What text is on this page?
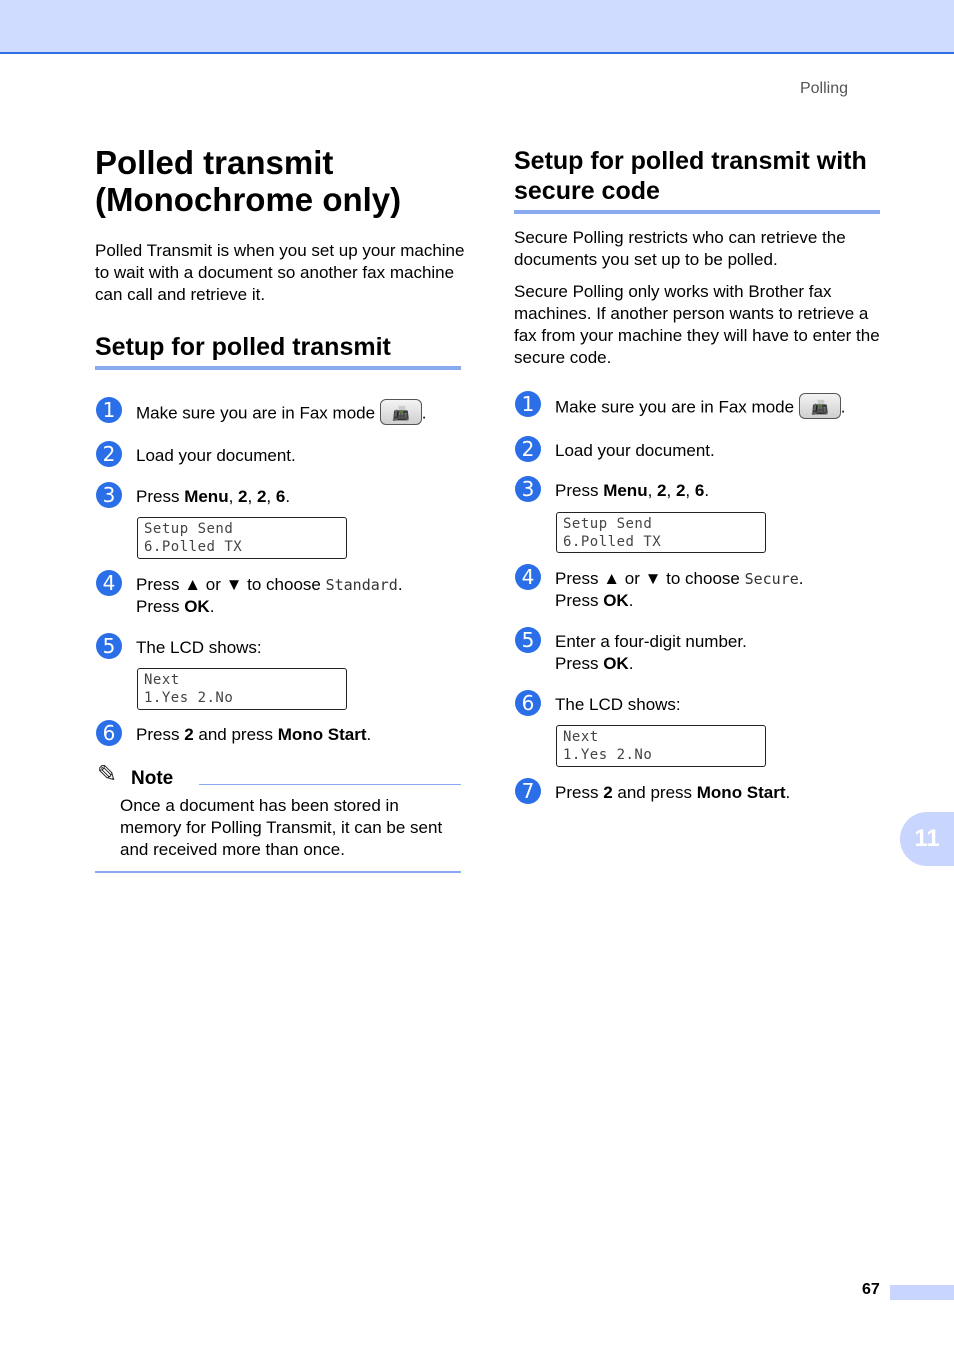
Polling
Polled transmit (Monochrome only)

Polled Transmit is when you set up your machine to wait with a document so another fax machine can call and retrieve it.

Setup for polled transmit
1	Make sure you are in Fax mode	📠 .
2	Load your document.
3	Press Menu, 2, 2, 6.
Setup Send
6.Polled TX
4	Press ▲ or ▼ to choose Standard.
Press OK.
5	The LCD shows:
Next
1.Yes 2.No
6	Press 2 and press Mono Start.
✎ Note
Once a document has been stored in memory for Polling Transmit, it can be sent and received more than once.
Setup for polled transmit with secure code

Secure Polling restricts who can retrieve the documents you set up to be polled.

Secure Polling only works with Brother fax machines. If another person wants to retrieve a fax from your machine they will have to enter the secure code.

1	Make sure you are in Fax mode	📠 .
2	Load your document.
3	Press Menu, 2, 2, 6.
Setup Send
6.Polled TX
4	Press ▲ or ▼ to choose Secure.
Press OK.
5	Enter a four-digit number.
Press OK.
6	The LCD shows:
Next
1.Yes 2.No
7	Press 2 and press Mono Start.
11
67
